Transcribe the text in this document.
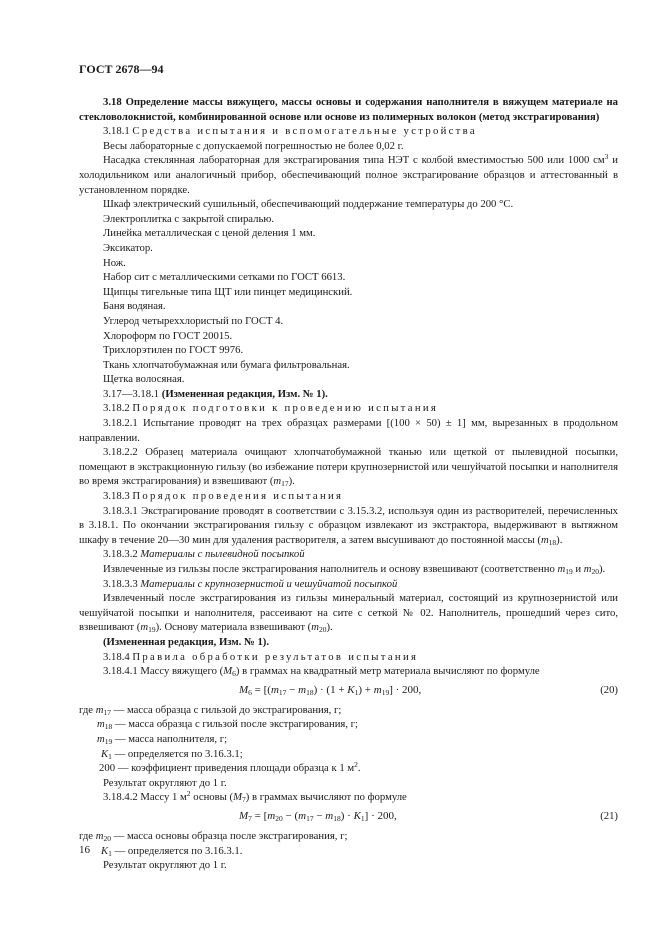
ГОСТ 2678—94

3.18 Определение массы вяжущего, массы основы и содержания наполнителя в вяжущем материале на стекловолокнистой, комбинированной основе или основе из полимерных волокон (метод экстрагирования)

3.18.1 Средства испытания и вспомогательные устройства

Весы лабораторные с допускаемой погрешностью не более 0,02 г.

Насадка стеклянная лабораторная для экстрагирования типа НЭТ с колбой вместимостью 500 или 1000 $см^3$ и холодильником или аналогичный прибор, обеспечивающий полное экстрагирование образцов и аттестованный в установленном порядке.

Шкаф электрический сушильный, обеспечивающий поддержание температуры до 200 °С.

Электроплитка с закрытой спиралью.

Линейка металлическая с ценой деления 1 мм.

Эксикатор.

Нож.

Набор сит с металлическими сетками по ГОСТ 6613.

Щипцы тигельные типа ЩТ или пинцет медицинский.

Баня водяная.

Углерод четыреххлористый по ГОСТ 4.

Хлороформ по ГОСТ 20015.

Трихлорэтилен по ГОСТ 9976.

Ткань хлопчатобумажная или бумага фильтровальная.

Щетка волосяная.

3.17—3.18.1 (Измененная редакция, Изм. № 1).

3.18.2 Порядок подготовки к проведению испытания

3.18.2.1 Испытание проводят на трех образцах размерами [(100 × 50) ± 1] мм, вырезанных в продольном направлении.

3.18.2.2 Образец материала очищают хлопчатобумажной тканью или щеткой от пылевидной посыпки, помещают в экстракционную гильзу (во избежание потери крупнозернистой или чешуйчатой посыпки и наполнителя во время экстрагирования) и взвешивают $(m_{17})$.

3.18.3 Порядок проведения испытания

3.18.3.1 Экстрагирование проводят в соответствии с 3.15.3.2, используя один из растворителей, перечисленных в 3.18.1. По окончании экстрагирования гильзу с образцом извлекают из экстрактора, выдерживают в вытяжном шкафу в течение 20—30 мин для удаления растворителя, а затем высушивают до постоянной массы $(m_{18})$.

3.18.3.2 Материалы с пылевидной посыпкой

Извлеченные из гильзы после экстрагирования наполнитель и основу взвешивают (соответственно $m_{19}$ и $m_{20}$).

3.18.3.3 Материалы с крупнозернистой и чешуйчатой посыпкой

Извлеченный после экстрагирования из гильзы минеральный материал, состоящий из крупнозернистой или чешуйчатой посыпки и наполнителя, рассеивают на сите с сеткой № 02. Наполнитель, прошедший через сито, взвешивают $(m_{19})$. Основу материала взвешивают $(m_{20})$.

(Измененная редакция, Изм. № 1).

3.18.4 Правила обработки результатов испытания

3.18.4.1 Массу вяжущего $(M_6)$ в граммах на квадратный метр материала вычисляют по формуле

$M_6 = [(m_{17} - m_{18}) \cdot (1 + K_1) + m_{19}] \cdot 200$,	(20)

где $m_{17}$ — масса образца с гильзой до экстрагирования, г;

$m_{18}$ — масса образца с гильзой после экстрагирования, г;

$m_{19}$ — масса наполнителя, г;

$K_1$ — определяется по 3.16.3.1;

200 — коэффициент приведения площади образца к 1 $м^2$.

Результат округляют до 1 г.

3.18.4.2 Массу 1 $м^2$ основы $(M_7)$ в граммах вычисляют по формуле

$M_7 = [m_{20} - (m_{17} - m_{18}) \cdot K_1] \cdot 200$,	(21)

где $m_{20}$ — масса основы образца после экстрагирования, г;

$K_1$ — определяется по 3.16.3.1.

Результат округляют до 1 г.

16
